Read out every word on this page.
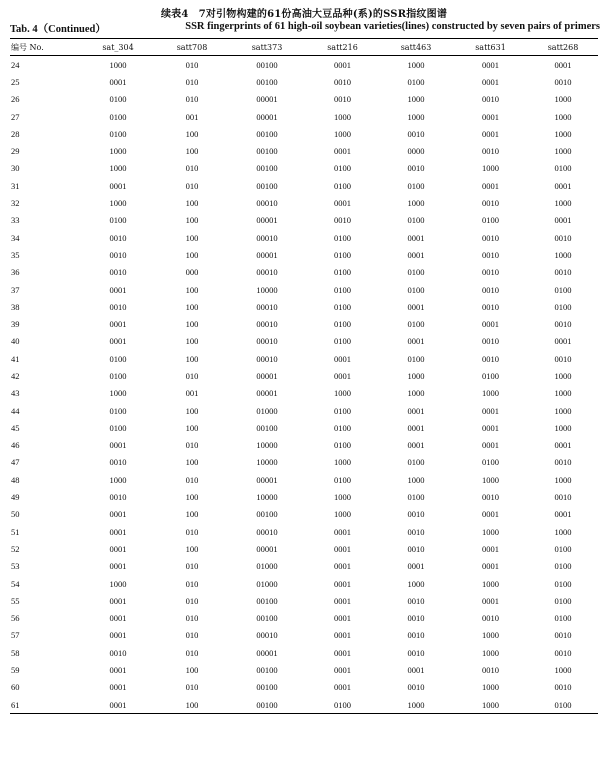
续表4　7对引物构建的61份高油大豆品种(系)的SSR指纹图谱
Tab. 4（Continued）	SSR fingerprints of 61 high-oil soybean varieties(lines) constructed by seven pairs of primers
编号 No.	sat_304	satt708	satt373	satt216	satt463	satt631	satt268
24	1000	010	00100	0001	1000	0001	0001
25	0001	010	00100	0010	0100	0001	0010
26	0100	010	00001	0010	1000	0010	1000
27	0100	001	00001	1000	1000	0001	1000
28	0100	100	00100	1000	0010	0001	1000
29	1000	100	00100	0001	0000	0010	1000
30	1000	010	00100	0100	0010	1000	0100
31	0001	010	00100	0100	0100	0001	0001
32	1000	100	00010	0001	1000	0010	1000
33	0100	100	00001	0010	0100	0100	0001
34	0010	100	00010	0100	0001	0010	0010
35	0010	100	00001	0100	0001	0010	1000
36	0010	000	00010	0100	0100	0010	0010
37	0001	100	10000	0100	0100	0010	0100
38	0010	100	00010	0100	0001	0010	0100
39	0001	100	00010	0100	0100	0001	0010
40	0001	100	00010	0100	0001	0010	0001
41	0100	100	00010	0001	0100	0010	0010
42	0100	010	00001	0001	1000	0100	1000
43	1000	001	00001	1000	1000	1000	1000
44	0100	100	01000	0100	0001	0001	1000
45	0100	100	00100	0100	0001	0001	1000
46	0001	010	10000	0100	0001	0001	0001
47	0010	100	10000	1000	0100	0100	0010
48	1000	010	00001	0100	1000	1000	1000
49	0010	100	10000	1000	0100	0010	0010
50	0001	100	00100	1000	0010	0001	0001
51	0001	010	00010	0001	0010	1000	1000
52	0001	100	00001	0001	0010	0001	0100
53	0001	010	01000	0001	0001	0001	0100
54	1000	010	01000	0001	1000	1000	0100
55	0001	010	00100	0001	0010	0001	0100
56	0001	010	00100	0001	0010	0010	0100
57	0001	010	00010	0001	0010	1000	0010
58	0010	010	00001	0001	0010	1000	0010
59	0001	100	00100	0001	0001	0010	1000
60	0001	010	00100	0001	0010	1000	0010
61	0001	100	00100	0100	1000	1000	0100
